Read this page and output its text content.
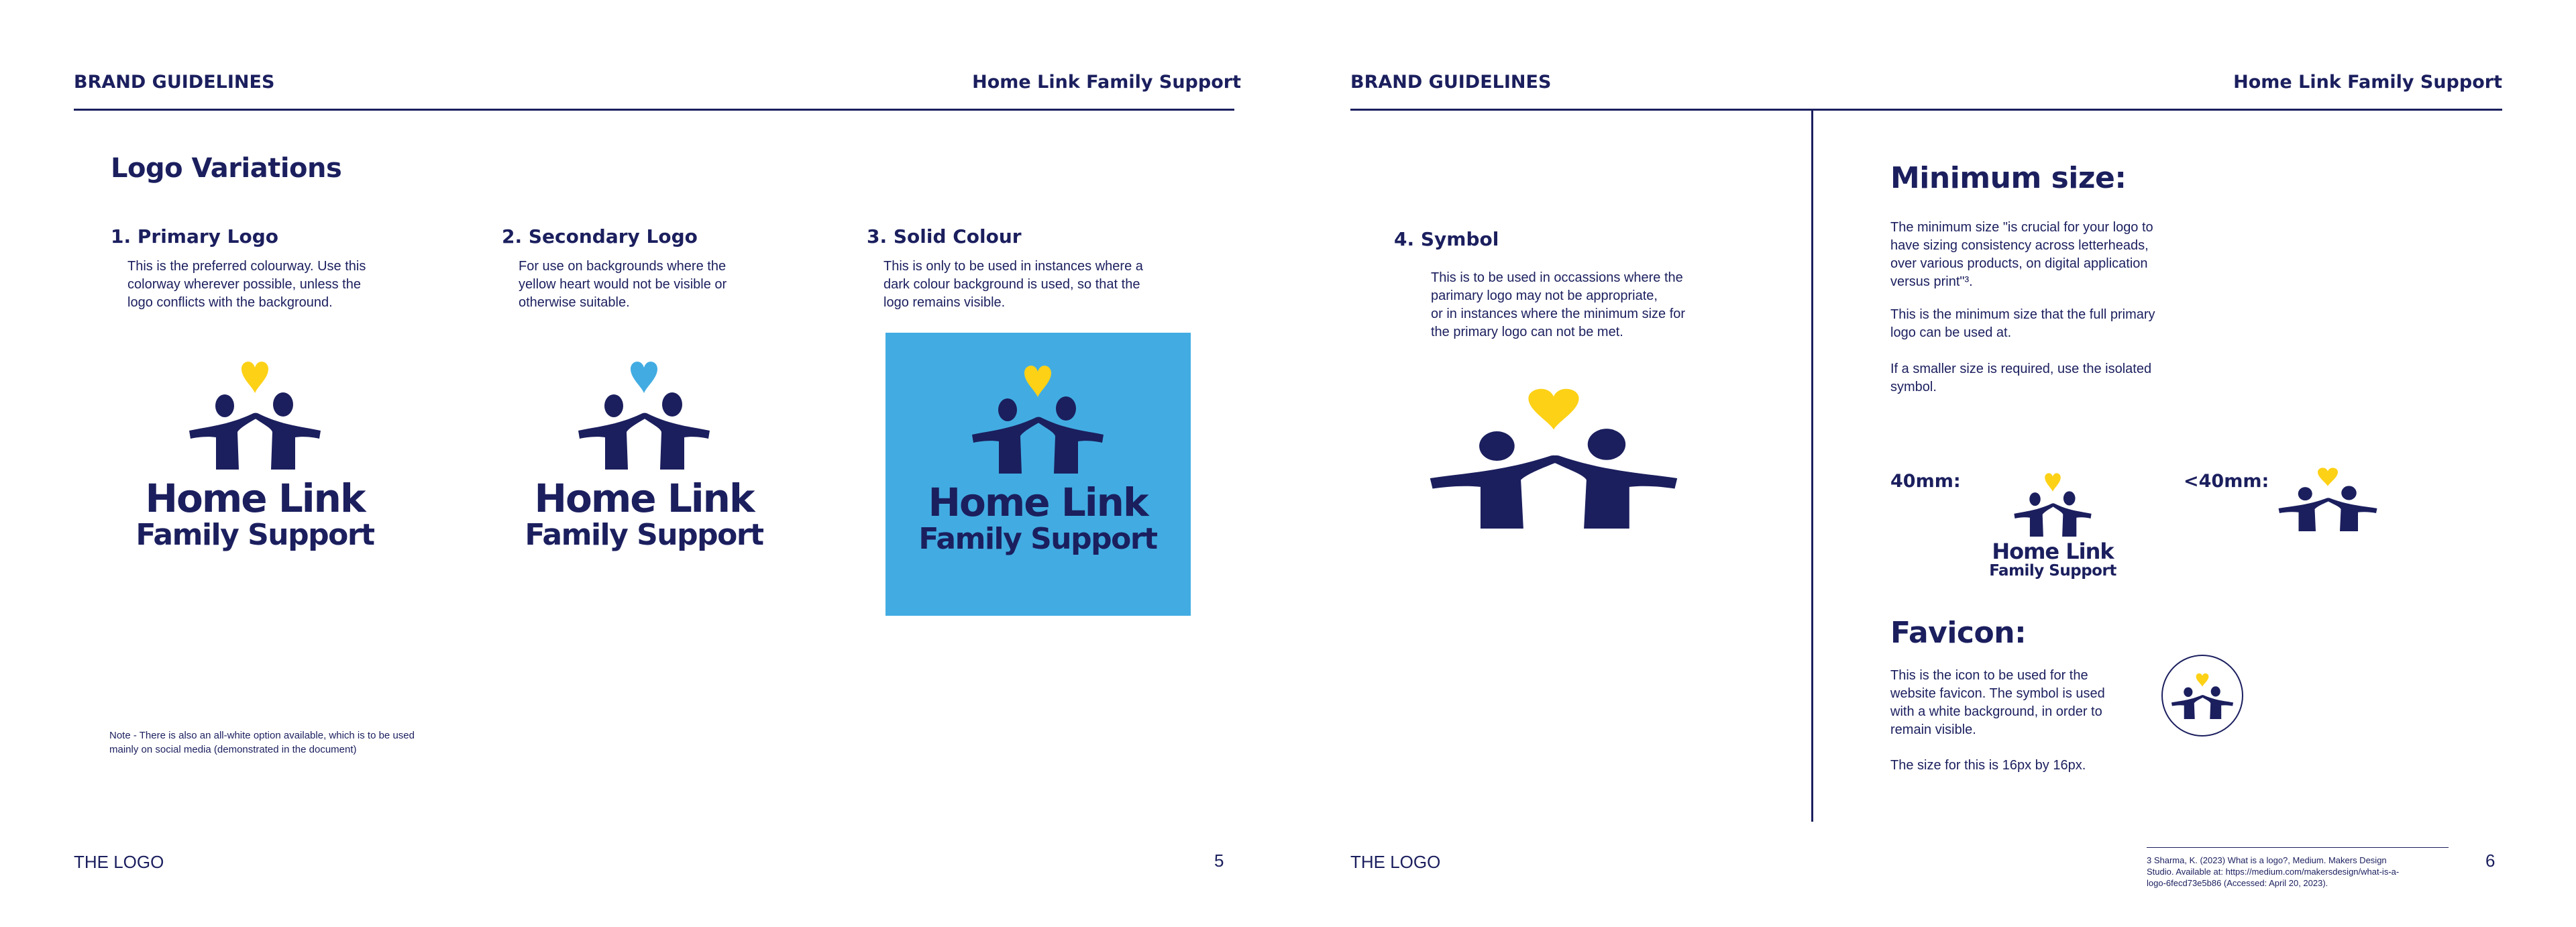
BRAND GUIDELINES	Home Link Family Support
Logo Variations
1. Primary Logo
This is the preferred colourway. Use this
colorway wherever possible, unless the
logo conflicts with the background.
Home Link
Family Support
2. Secondary Logo
For use on backgrounds where the
yellow heart would not be visible or
otherwise suitable.
Home Link
Family Support
3. Solid Colour
This is only to be used in instances where a
dark colour background is used, so that the
logo remains visible.
Home Link
Family Support
Note - There is also an all-white option available, which is to be used
mainly on social media (demonstrated in the document)
THE LOGO	5
BRAND GUIDELINES	Home Link Family Support
4. Symbol
This is to be used in occassions where the
parimary logo may not be appropriate,
or in instances where the minimum size for
the primary logo can not be met.
Minimum size:
The minimum size "is crucial for your logo to
have sizing consistency across letterheads,
over various products, on digital application
versus print"³.
This is the minimum size that the full primary
logo can be used at.
If a smaller size is required, use the isolated
symbol.
40mm:
Home Link
Family Support
<40mm:
Favicon:
This is the icon to be used for the
website favicon. The symbol is used
with a white background, in order to
remain visible.
The size for this is 16px by 16px.
3 Sharma, K. (2023) What is a logo?, Medium. Makers Design
Studio. Available at: https://medium.com/makersdesign/what-is-a-
logo-6fecd73e5b86 (Accessed: April 20, 2023).
THE LOGO	6
